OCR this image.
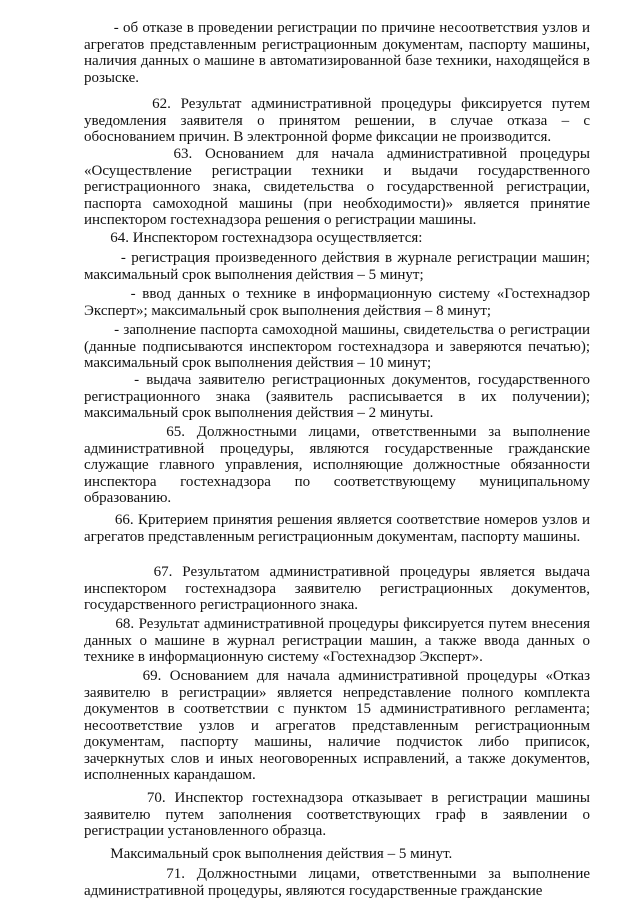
- об отказе в проведении регистрации по причине несоответствия узлов и агрегатов представленным регистрационным документам, паспорту машины, наличия данных о машине в автоматизированной базе техники, находящейся в розыске.

62. Результат административной процедуры фиксируется путем уведомления заявителя о принятом решении, в случае отказа – с обоснованием причин. В электронной форме фиксации не производится.

63. Основанием для начала административной процедуры «Осуществление регистрации техники и выдачи государственного регистрационного знака, свидетельства о государственной регистрации, паспорта самоходной машины (при необходимости)» является принятие инспектором гостехнадзора решения о регистрации машины.

64. Инспектором гостехнадзора осуществляется:

- регистрация произведенного действия в журнале регистрации машин; максимальный срок выполнения действия – 5 минут;

- ввод данных о технике в информационную систему «Гостехнадзор Эксперт»; максимальный срок выполнения действия – 8 минут;

- заполнение паспорта самоходной машины, свидетельства о регистрации (данные подписываются инспектором гостехнадзора и заверяются печатью); максимальный срок выполнения действия – 10 минут;

- выдача заявителю регистрационных документов, государственного регистрационного знака (заявитель расписывается в их получении); максимальный срок выполнения действия – 2 минуты.

65. Должностными лицами, ответственными за выполнение административной процедуры, являются государственные гражданские служащие главного управления, исполняющие должностные обязанности инспектора гостехнадзора по соответствующему муниципальному образованию.

66. Критерием принятия решения является соответствие номеров узлов и агрегатов представленным регистрационным документам, паспорту машины.

67. Результатом административной процедуры является выдача инспектором гостехнадзора заявителю регистрационных документов, государственного регистрационного знака.

68. Результат административной процедуры фиксируется путем внесения данных о машине в журнал регистрации машин, а также ввода данных о технике в информационную систему «Гостехнадзор Эксперт».

69. Основанием для начала административной процедуры «Отказ заявителю в регистрации» является непредставление полного комплекта документов в соответствии с пунктом 15 административного регламента; несоответствие узлов и агрегатов представленным регистрационным документам, паспорту машины, наличие подчисток либо приписок, зачеркнутых слов и иных неоговоренных исправлений, а также документов, исполненных карандашом.

70. Инспектор гостехнадзора отказывает в регистрации машины заявителю путем заполнения соответствующих граф в заявлении о регистрации установленного образца.

Максимальный срок выполнения действия – 5 минут.

71. Должностными лицами, ответственными за выполнение административной процедуры, являются государственные гражданские
